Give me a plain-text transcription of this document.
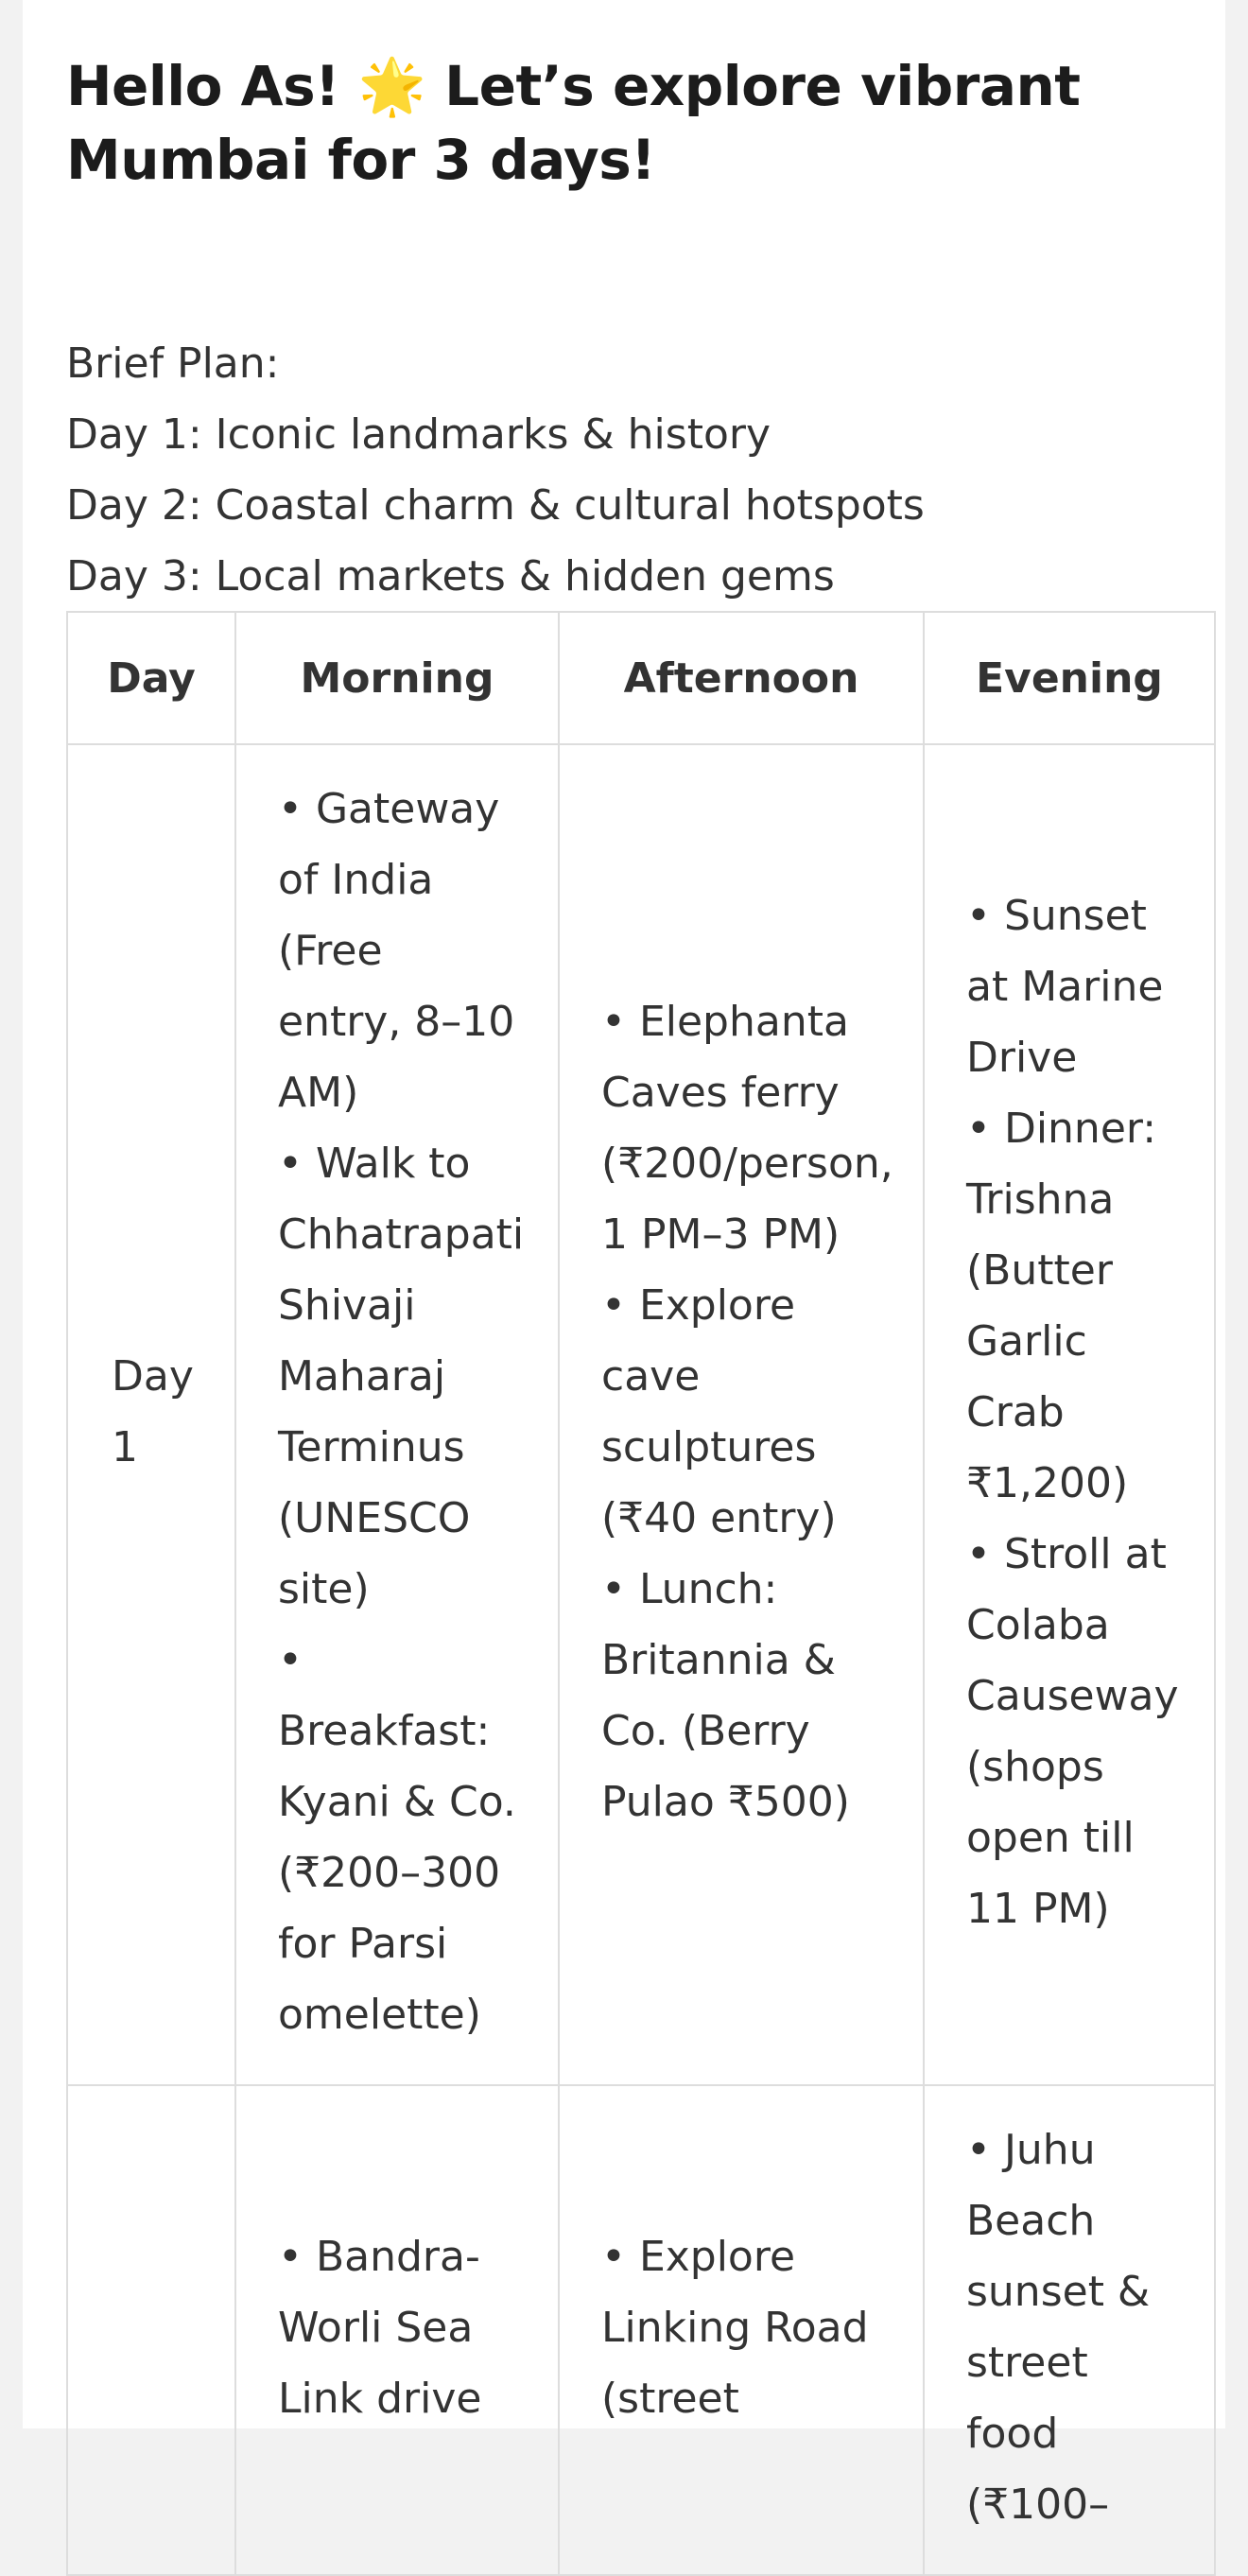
Hello As! 🌟 Let’s explore vibrant Mumbai for 3 days!
Brief Plan:
Day 1: Iconic landmarks & history
Day 2: Coastal charm & cultural hotspots
Day 3: Local markets & hidden gems
Day	Morning	Afternoon	Evening
Day 1	• Gateway of India (Free entry, 8–10 AM)
• Walk to Chhatrapati Shivaji Maharaj Terminus (UNESCO site)
• Breakfast: Kyani & Co. (₹200–300 for Parsi omelette)	• Elephanta Caves ferry (₹200/person, 1 PM–3 PM)
• Explore cave sculptures (₹40 entry)
• Lunch: Britannia & Co. (Berry Pulao ₹500)	• Sunset at Marine Drive
• Dinner: Trishna (Butter Garlic Crab ₹1,200)
• Stroll at Colaba Causeway (shops open till 11 PM)

	• Bandra-Worli Sea Link drive	• Explore Linking Road (street	• Juhu Beach sunset & street food (₹100–
